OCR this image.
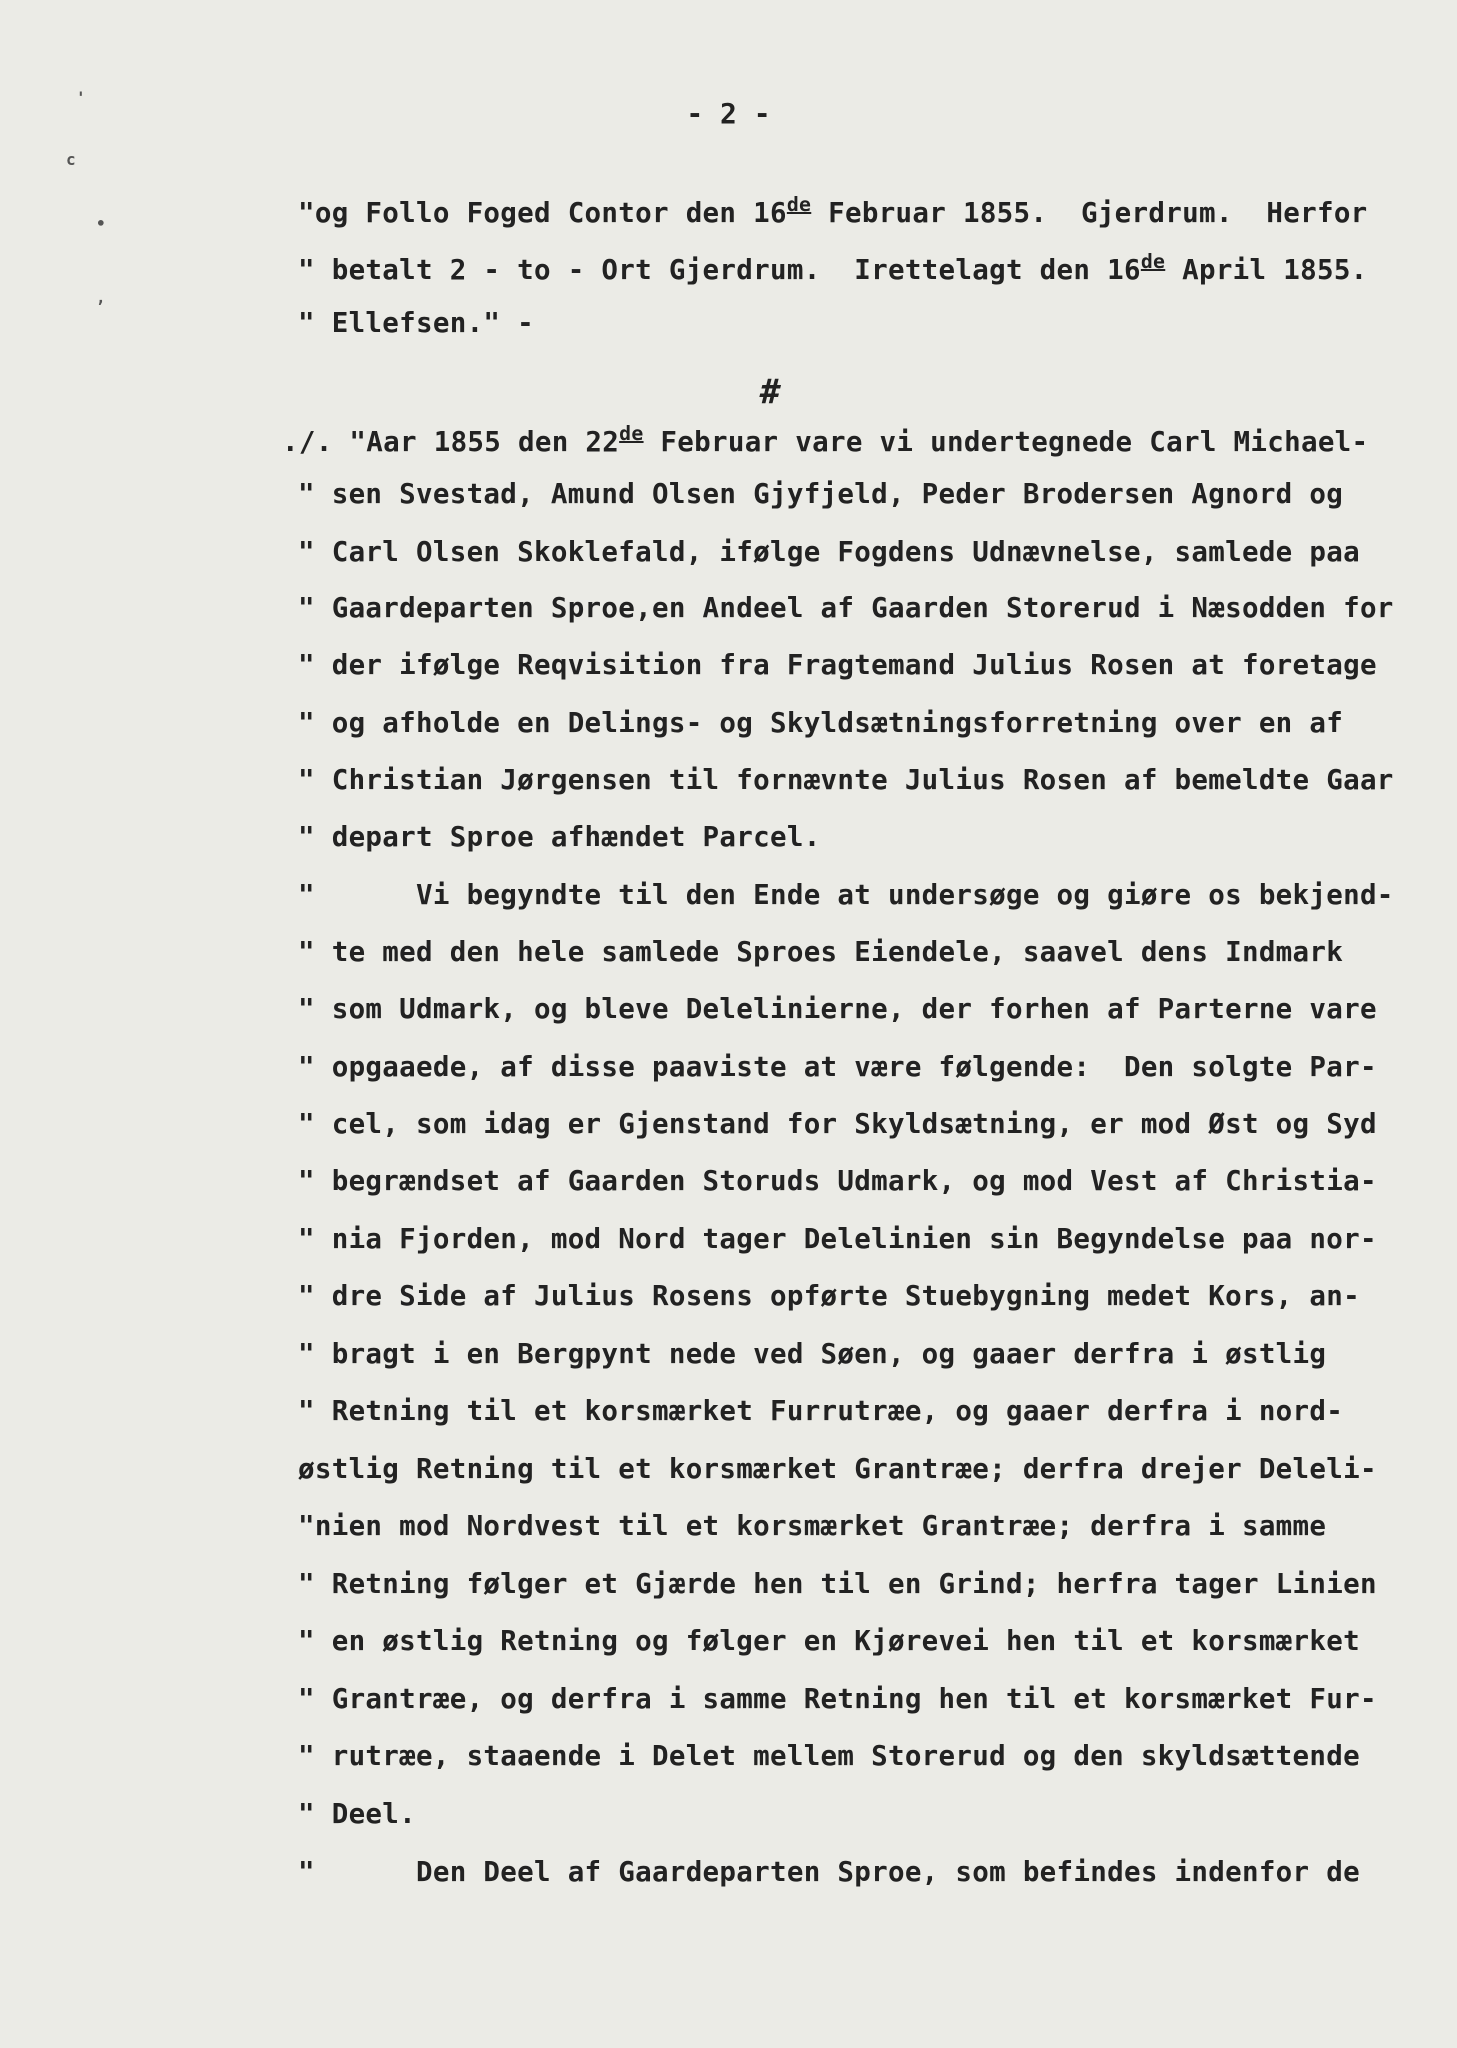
- 2 -
'
c
•
,
#
"og Follo Foged Contor den 16de Februar 1855.  Gjerdrum.  Herfor
" betalt 2 - to - Ort Gjerdrum.  Irettelagt den 16de April 1855.
" Ellefsen." -
./. "Aar 1855 den 22de Februar vare vi undertegnede Carl Michael-
" sen Svestad, Amund Olsen Gjyfjeld, Peder Brodersen Agnord og
" Carl Olsen Skoklefald, ifølge Fogdens Udnævnelse, samlede paa
" Gaardeparten Sproe,en Andeel af Gaarden Storerud i Næsodden for
" der ifølge Reqvisition fra Fragtemand Julius Rosen at foretage
" og afholde en Delings- og Skyldsætningsforretning over en af
" Christian Jørgensen til fornævnte Julius Rosen af bemeldte Gaar
" depart Sproe afhændet Parcel.
"      Vi begyndte til den Ende at undersøge og giøre os bekjend-
" te med den hele samlede Sproes Eiendele, saavel dens Indmark
" som Udmark, og bleve Delelinierne, der forhen af Parterne vare
" opgaaede, af disse paaviste at være følgende:  Den solgte Par-
" cel, som idag er Gjenstand for Skyldsætning, er mod Øst og Syd
" begrændset af Gaarden Storuds Udmark, og mod Vest af Christia-
" nia Fjorden, mod Nord tager Delelinien sin Begyndelse paa nor-
" dre Side af Julius Rosens opførte Stuebygning medet Kors, an-
" bragt i en Bergpynt nede ved Søen, og gaaer derfra i østlig
" Retning til et korsmærket Furrutræe, og gaaer derfra i nord-
østlig Retning til et korsmærket Grantræe; derfra drejer Deleli-
"nien mod Nordvest til et korsmærket Grantræe; derfra i samme
" Retning følger et Gjærde hen til en Grind; herfra tager Linien
" en østlig Retning og følger en Kjørevei hen til et korsmærket
" Grantræe, og derfra i samme Retning hen til et korsmærket Fur-
" rutræe, staaende i Delet mellem Storerud og den skyldsættende
" Deel.
"      Den Deel af Gaardeparten Sproe, som befindes indenfor de
